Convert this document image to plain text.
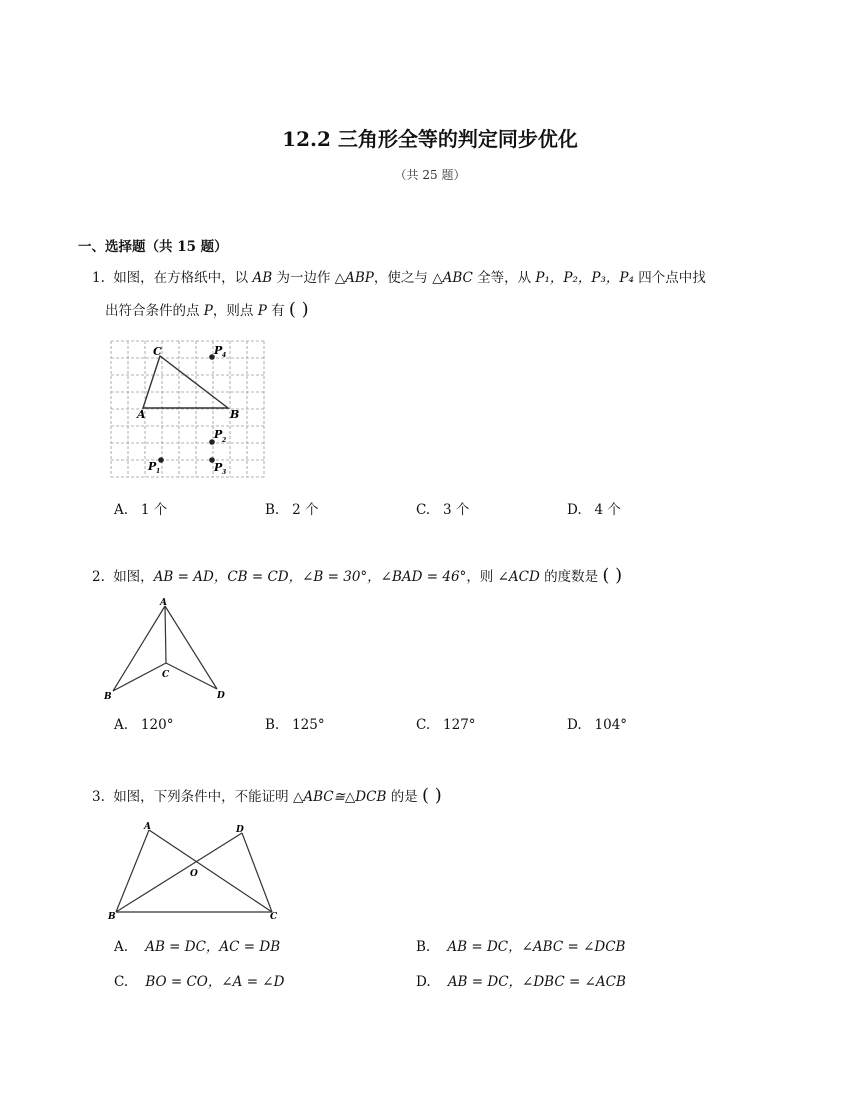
12.2 三角形全等的判定同步优化
（共 25 题）
一、选择题（共 15 题）
1. 如图，在方格纸中，以 AB 为一边作 △ABP，使之与 △ABC 全等，从 P₁，P₂，P₃，P₄ 四个点中找
出符合条件的点 P，则点 P 有 ( )
C
A	B
P 4
P 2
P 1	P 3
A. 1 个	B. 2 个	C. 3 个	D. 4 个
2. 如图，AB = AD，CB = CD，∠B = 30°，∠BAD = 46°，则 ∠ACD 的度数是 ( )
A
B
C
D
A. 120°	B. 125°	C. 127°	D. 104°
3. 如图，下列条件中，不能证明 △ABC≅△DCB 的是 ( )
A	D
O
B	C
A. AB = DC，AC = DB	B. AB = DC，∠ABC = ∠DCB
C. BO = CO，∠A = ∠D	D. AB = DC，∠DBC = ∠ACB
